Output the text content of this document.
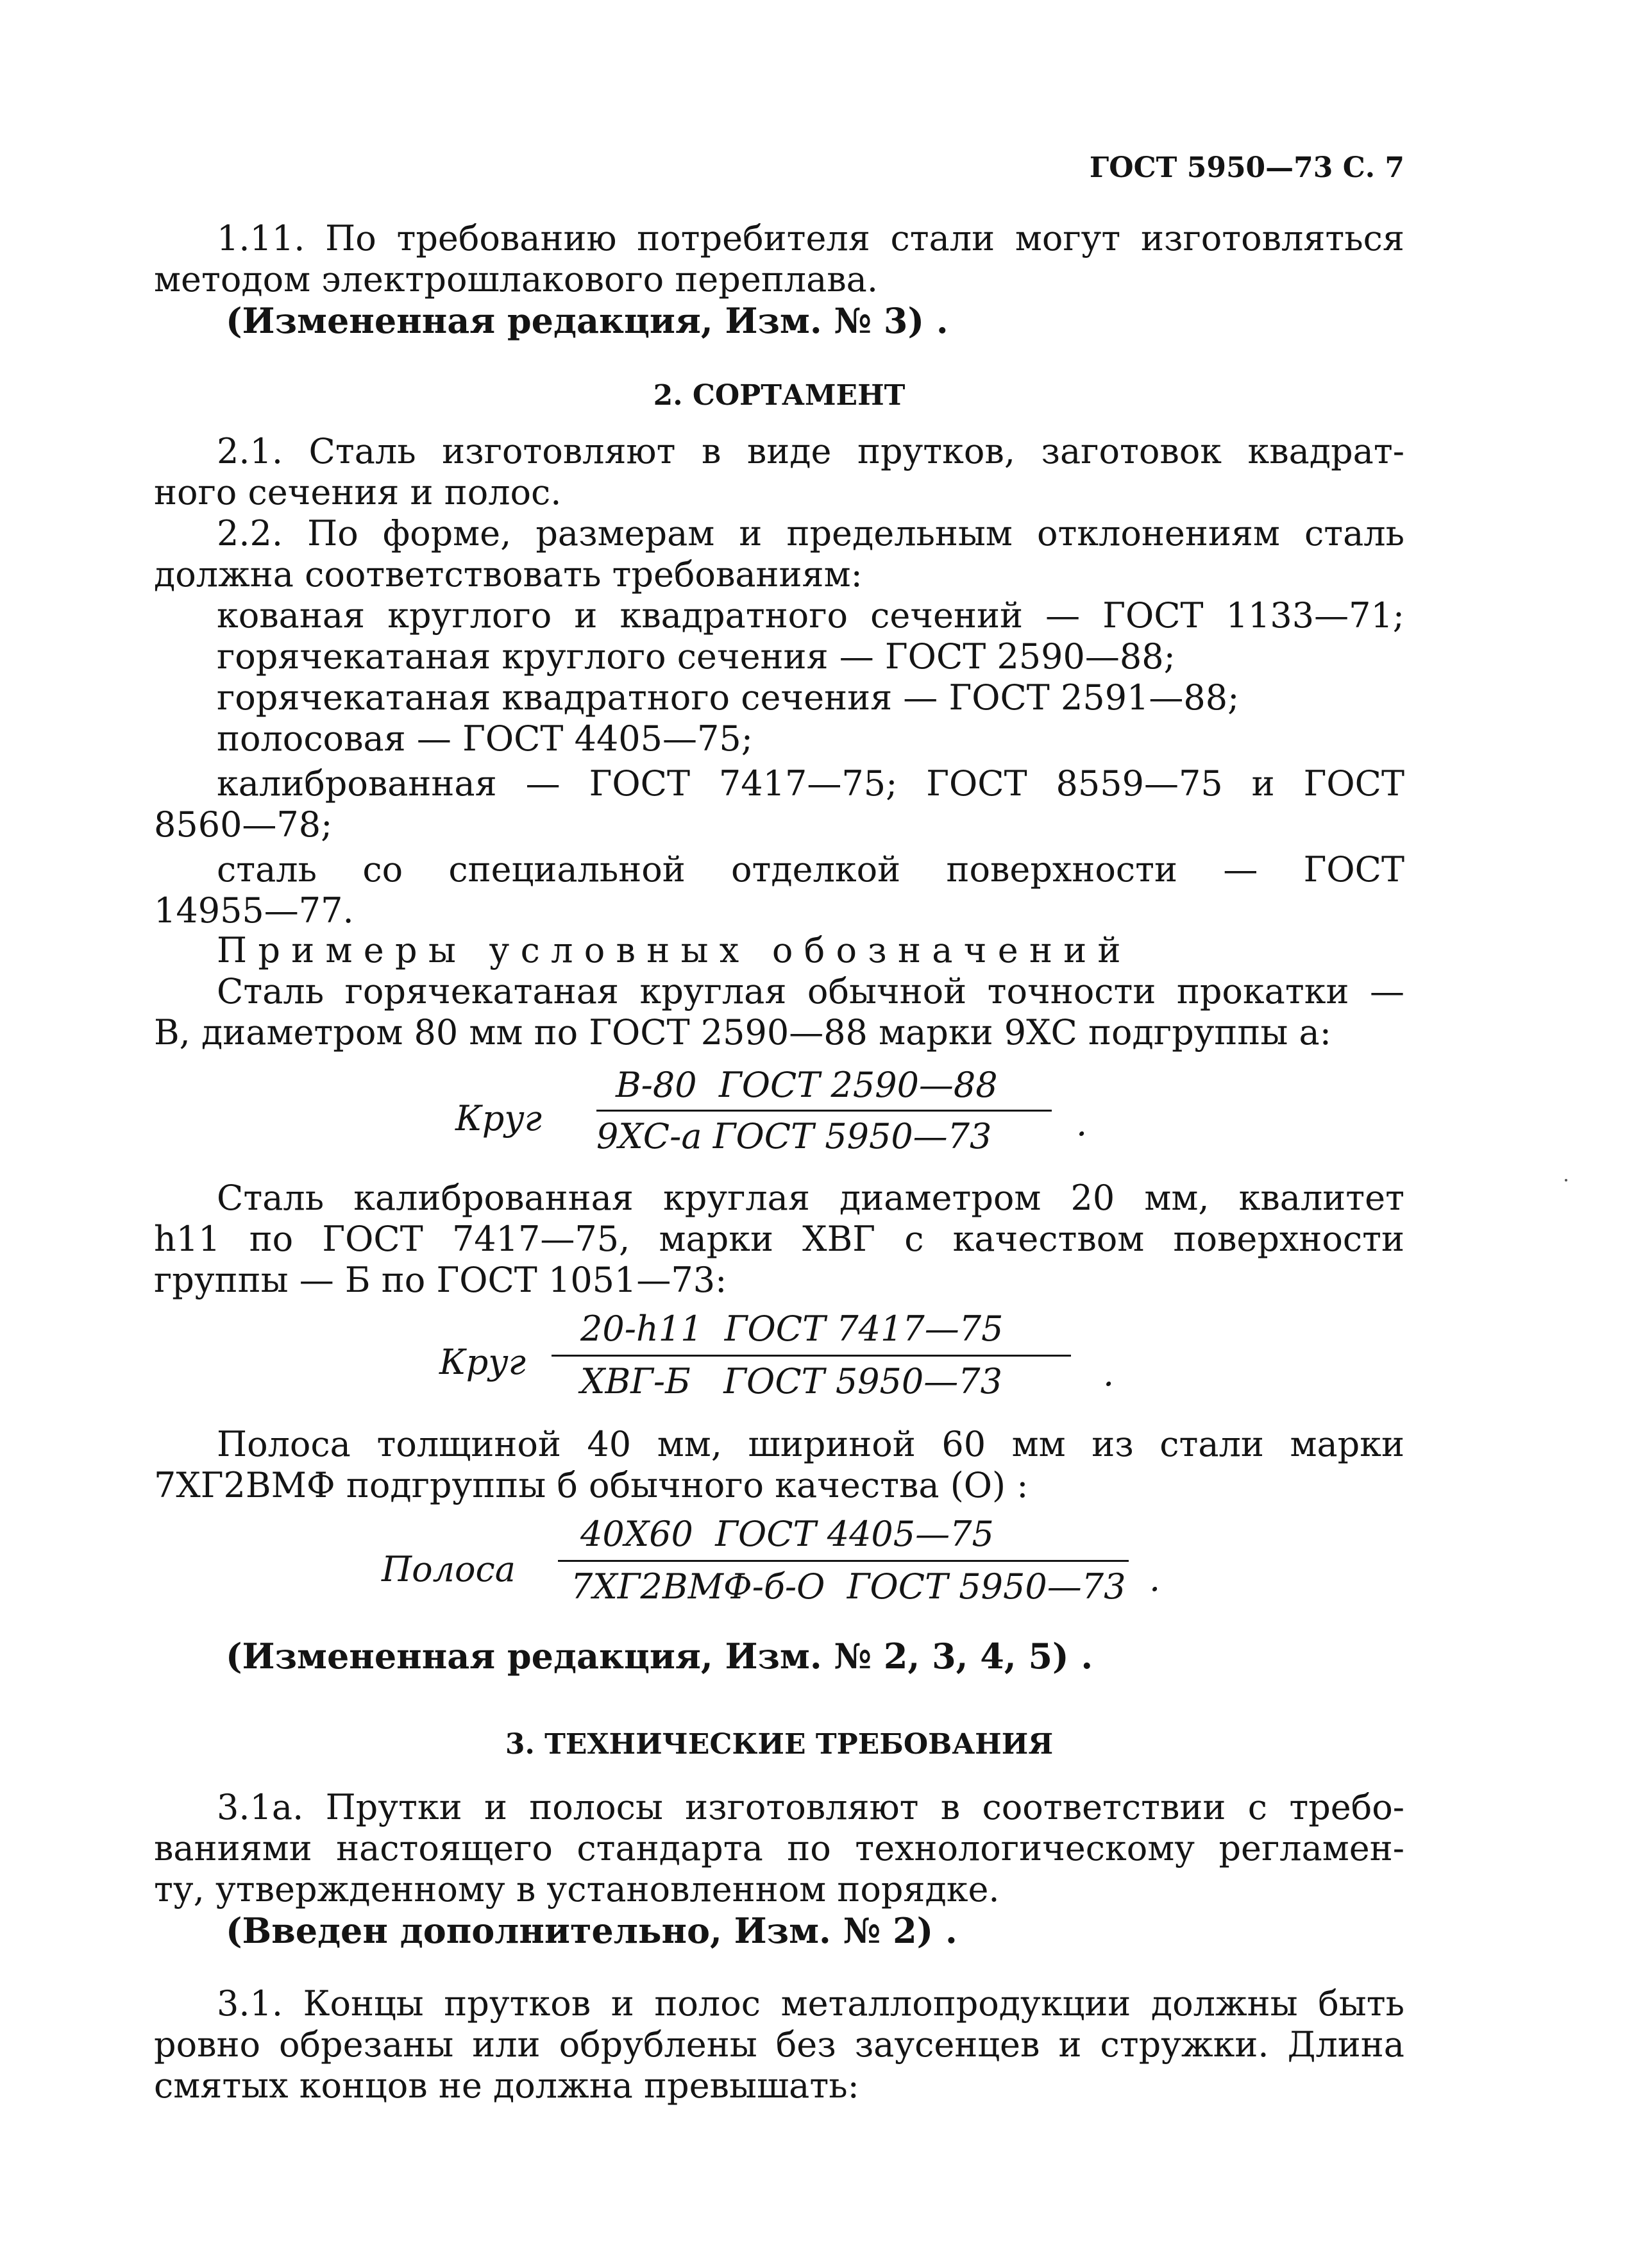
ГОСТ 5950—73 С. 7
1.11. По требованию потребителя стали могут изготовляться
методом электрошлакового переплава.
(Измененная редакция, Изм. № 3) .
2. СОРТАМЕНТ
2.1. Сталь изготовляют в виде прутков, заготовок квадрат-
ного сечения и полос.
2.2. По форме, размерам и предельным отклонениям сталь
должна соответствовать требованиям:
кованая круглого и квадратного сечений — ГОСТ 1133—71;
горячекатаная круглого сечения — ГОСТ 2590—88;
горячекатаная квадратного сечения — ГОСТ 2591—88;
полосовая — ГОСТ 4405—75;
калиброванная — ГОСТ 7417—75; ГОСТ 8559—75 и ГОСТ
8560—78;
сталь со специальной отделкой поверхности — ГОСТ
14955—77.
Примеры условных обозначений
Сталь горячекатаная круглая обычной точности прокатки —
В, диаметром 80 мм по ГОСТ 2590—88 марки 9ХС подгруппы а:
Круг
В-80  ГОСТ 2590—88
9ХС-а ГОСТ 5950—73 .
Сталь калиброванная круглая диаметром 20 мм, квалитет
h11 по ГОСТ 7417—75, марки ХВГ с качеством поверхности
группы — Б по ГОСТ 1051—73:
Круг
20-h11  ГОСТ 7417—75
ХВГ-Б   ГОСТ 5950—73	.
Полоса толщиной 40 мм, шириной 60 мм из стали марки
7ХГ2ВМФ подгруппы б обычного качества (О) :
Полоса
40Х60  ГОСТ 4405—75
7ХГ2ВМФ-б-О  ГОСТ 5950—73 .
(Измененная редакция, Изм. № 2, 3, 4, 5) .
3. ТЕХНИЧЕСКИЕ ТРЕБОВАНИЯ
3.1а. Прутки и полосы изготовляют в соответствии с требо-
ваниями настоящего стандарта по технологическому регламен-
ту, утвержденному в установленном порядке.
(Введен дополнительно, Изм. № 2) .
3.1. Концы прутков и полос металлопродукции должны быть
ровно обрезаны или обрублены без заусенцев и стружки. Длина
смятых концов не должна превышать:
